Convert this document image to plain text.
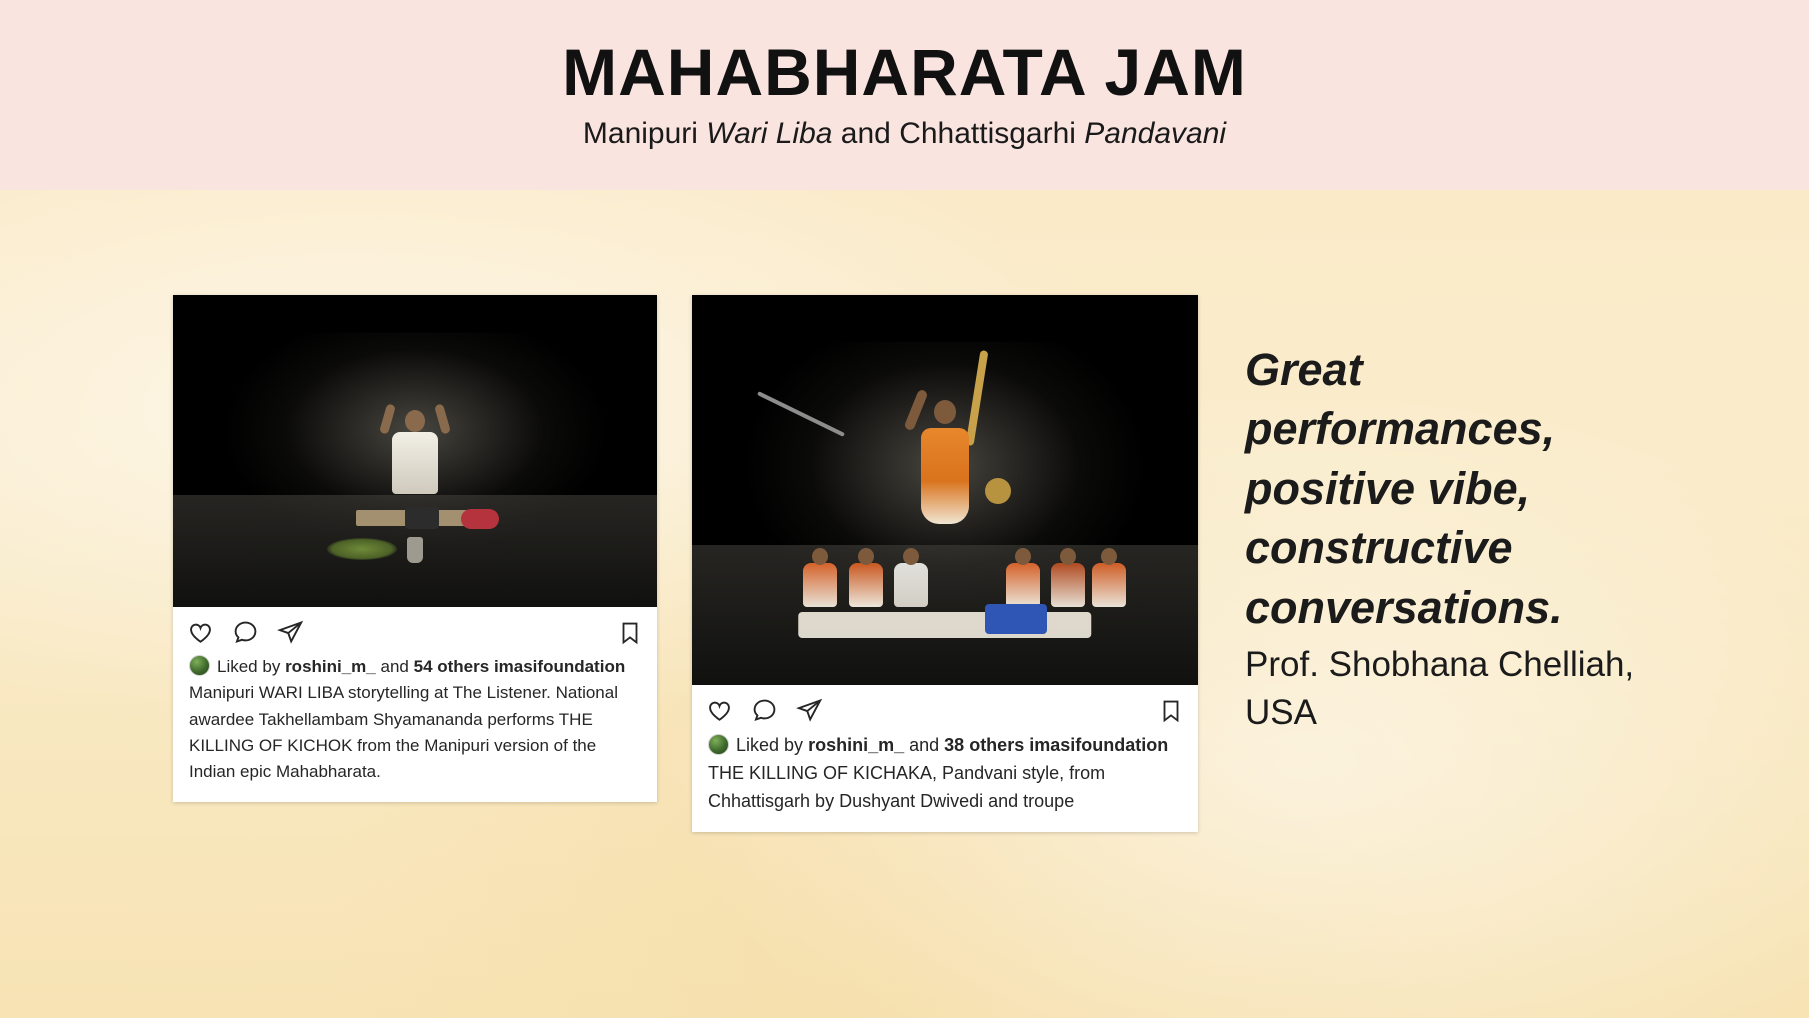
MAHABHARATA JAM

Manipuri Wari Liba and Chhattisgarhi Pandavani

Liked by roshini_m_ and 54 others imasifoundation Manipuri WARI LIBA storytelling at The Listener. National awardee Takhellambam Shyamananda performs THE KILLING OF KICHOK from the Manipuri version of the Indian epic Mahabharata.
Liked by roshini_m_ and 38 others imasifoundation THE KILLING OF KICHAKA, Pandvani style, from Chhattisgarh by Dushyant Dwivedi and troupe

Great performances, positive vibe, constructive conversations.

Prof. Shobhana Chelliah, USA
